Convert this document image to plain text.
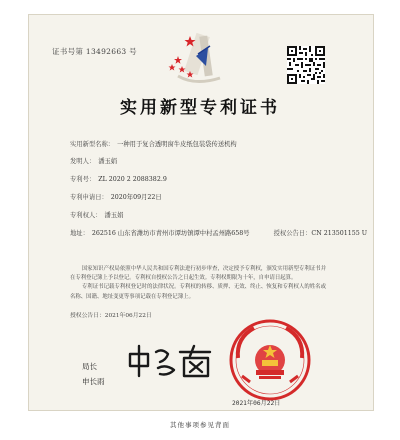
证书号第 13492663 号
实用新型专利证书
实用新型名称： 一种用于复合透明窗牛皮纸包装袋传送机构
发明人： 潘玉娟
专利号： ZL 2020 2 2088382.9
专利申请日： 2020年09月22日
专利权人： 潘玉娟
地址： 262516 山东省潍坊市青州市谭坊镇谭中村孟州路658号	授权公告日：CN 213501155 U
国家知识产权局依照中华人民共和国专利法进行初步审查，决定授予专利权，颁发实用新型专利证书并在专利登记簿上予以登记。专利权自授权公告之日起生效。专利权期限为十年，自申请日起算。
专利证书记载专利权登记时的法律状况。专利权的转移、质押、无效、终止、恢复和专利权人的姓名或名称、国籍、地址变更等事项记载在专利登记簿上。
授权公告日：2021年06月22日
局长
申长雨
2021年06月22日
其他事项参见背面
